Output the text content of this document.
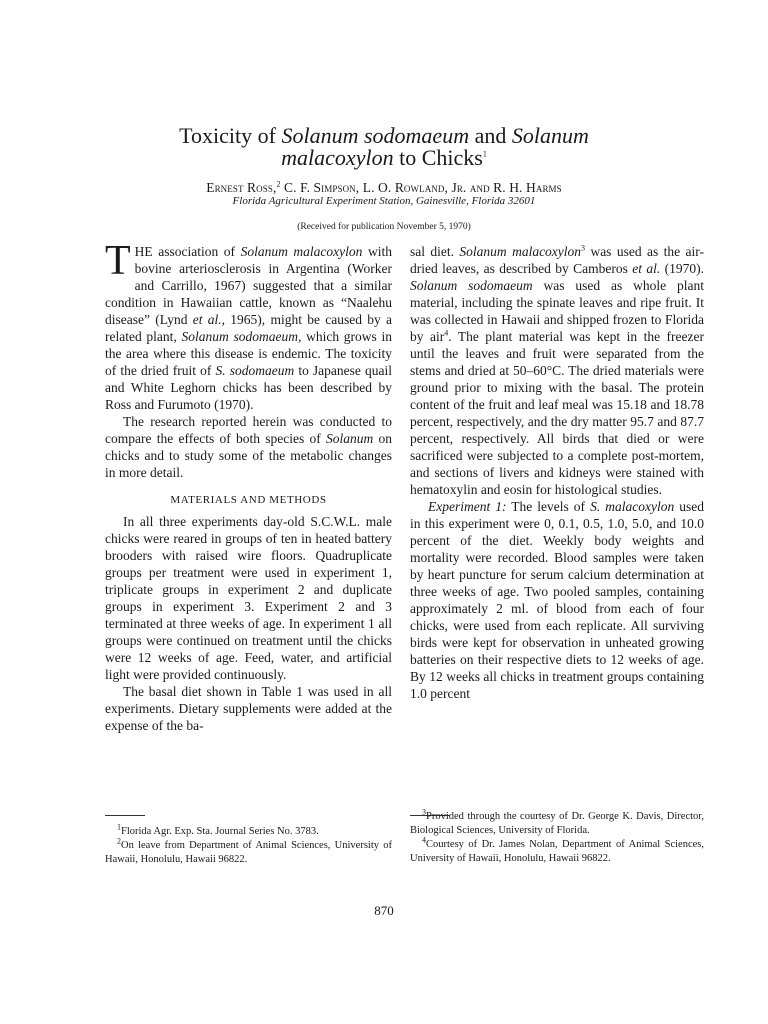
Toxicity of Solanum sodomaeum and Solanum
malacoxylon to Chicks$^1$
Ernest Ross,$^2$ C. F. Simpson, L. O. Rowland, Jr. and R. H. Harms
Florida Agricultural Experiment Station, Gainesville, Florida 32601
(Received for publication November 5, 1970)

THE association of Solanum malacoxylon with bovine arteriosclerosis in Argentina (Worker and Carrillo, 1967) suggested that a similar condition in Hawaiian cattle, known as “Naalehu disease” (Lynd et al., 1965), might be caused by a related plant, Solanum sodomaeum, which grows in the area where this disease is endemic. The toxicity of the dried fruit of S. sodomaeum to Japanese quail and White Leghorn chicks has been described by Ross and Furumoto (1970).

The research reported herein was conducted to compare the effects of both species of Solanum on chicks and to study some of the metabolic changes in more detail.

MATERIALS AND METHODS

In all three experiments day-old S.C.W.L. male chicks were reared in groups of ten in heated battery brooders with raised wire floors. Quadruplicate groups per treatment were used in experiment 1, triplicate groups in experiment 2 and duplicate groups in experiment 3. Experiment 2 and 3 terminated at three weeks of age. In experiment 1 all groups were continued on treatment until the chicks were 12 weeks of age. Feed, water, and artificial light were provided continuously.

The basal diet shown in Table 1 was used in all experiments. Dietary supplements were added at the expense of the ba-

sal diet. Solanum malacoxylon$^3$ was used as the air-dried leaves, as described by Camberos et al. (1970). Solanum sodomaeum was used as whole plant material, including the spinate leaves and ripe fruit. It was collected in Hawaii and shipped frozen to Florida by air$^4$. The plant material was kept in the freezer until the leaves and fruit were separated from the stems and dried at 50–60°C. The dried materials were ground prior to mixing with the basal. The protein content of the fruit and leaf meal was 15.18 and 18.78 percent, respectively, and the dry matter 95.7 and 87.7 percent, respectively. All birds that died or were sacrificed were subjected to a complete post-mortem, and sections of livers and kidneys were stained with hematoxylin and eosin for histological studies.

Experiment 1: The levels of S. malacoxylon used in this experiment were 0, 0.1, 0.5, 1.0, 5.0, and 10.0 percent of the diet. Weekly body weights and mortality were recorded. Blood samples were taken by heart puncture for serum calcium determination at three weeks of age. Two pooled samples, containing approximately 2 ml. of blood from each of four chicks, were used from each replicate. All surviving birds were kept for observation in unheated growing batteries on their respective diets to 12 weeks of age. By 12 weeks all chicks in treatment groups containing 1.0 percent

$^1$Florida Agr. Exp. Sta. Journal Series No. 3783.

$^2$On leave from Department of Animal Sciences, University of Hawaii, Honolulu, Hawaii 96822.

$^3$Provided through the courtesy of Dr. George K. Davis, Director, Biological Sciences, University of Florida.

$^4$Courtesy of Dr. James Nolan, Department of Animal Sciences, University of Hawaii, Honolulu, Hawaii 96822.

870
